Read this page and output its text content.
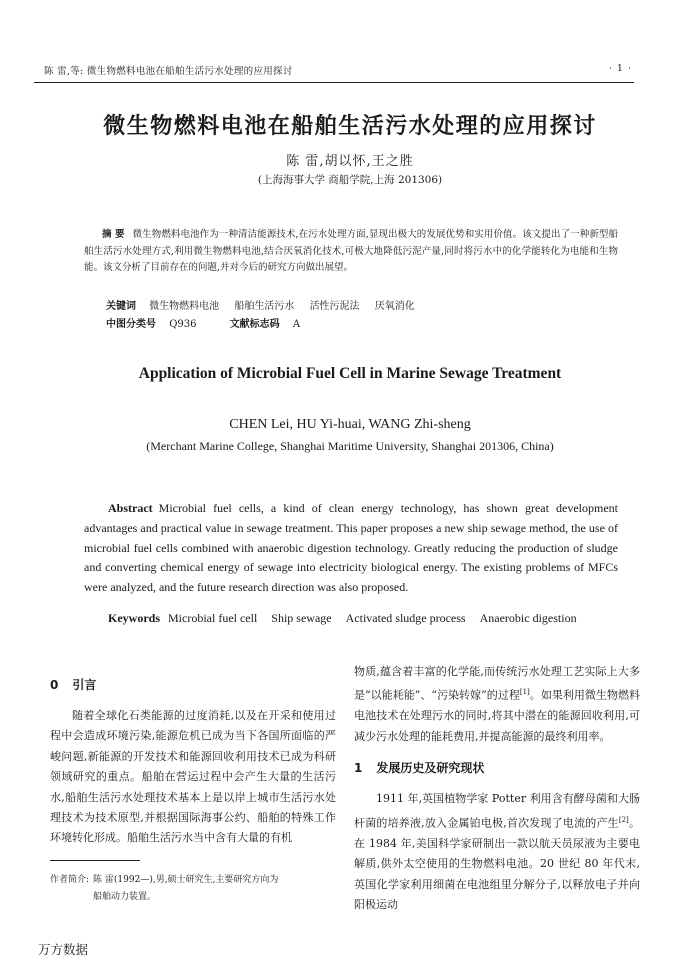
陈 雷,等: 微生物燃料电池在船舶生活污水处理的应用探讨	· 1 ·
微生物燃料电池在船舶生活污水处理的应用探讨
陈 雷,胡以怀,王之胜
(上海海事大学 商船学院,上海 201306)
摘 要 微生物燃料电池作为一种清洁能源技术,在污水处理方面,显现出极大的发展优势和实用价值。该文提出了一种新型船舶生活污水处理方式,利用微生物燃料电池,结合厌氧消化技术,可极大地降低污泥产量,同时将污水中的化学能转化为电能和生物能。该文分析了目前存在的问题,并对今后的研究方向做出展望。
关键词 微生物燃料电池 船舶生活污水 活性污泥法 厌氧消化
中图分类号 Q936	文献标志码 A
Application of Microbial Fuel Cell in Marine Sewage Treatment
CHEN Lei, HU Yi-huai, WANG Zhi-sheng
(Merchant Marine College, Shanghai Maritime University, Shanghai 201306, China)
Abstract Microbial fuel cells, a kind of clean energy technology, has shown great development advantages and practical value in sewage treatment. This paper proposes a new ship sewage method, the use of microbial fuel cells combined with anaerobic digestion technology. Greatly reducing the production of sludge and converting chemical energy of sewage into electricity biological energy. The existing problems of MFCs were analyzed, and the future research direction was also proposed.
Keywords Microbial fuel cell Ship sewage Activated sludge process Anaerobic digestion
0 引言

随着全球化石类能源的过度消耗,以及在开采和使用过程中会造成环境污染,能源危机已成为当下各国所面临的严峻问题,新能源的开发技术和能源回收利用技术已成为科研领域研究的重点。船舶在营运过程中会产生大量的生活污水,船舶生活污水处理技术基本上是以岸上城市生活污水处理技术为技术原型,并根据国际海事公约、船舶的特殊工作环境转化形成。船舶生活污水当中含有大量的有机

物质,蕴含着丰富的化学能,而传统污水处理工艺实际上大多是“以能耗能”、“污染转嫁”的过程[1]。如果利用微生物燃料电池技术在处理污水的同时,将其中潜在的能源回收利用,可减少污水处理的能耗费用,并提高能源的最终利用率。

1 发展历史及研究现状

1911 年,英国植物学家 Potter 利用含有酵母菌和大肠杆菌的培养液,放入金属铂电极,首次发现了电流的产生[2]。在 1984 年,美国科学家研制出一款以航天员尿液为主要电解质,供外太空使用的生物燃料电池。20 世纪 80 年代末,英国化学家利用细菌在电池组里分解分子,以释放电子并向阳极运动

作者简介: 陈 雷(1992—),男,硕士研究生,主要研究方向为
船舶动力装置。
万方数据
